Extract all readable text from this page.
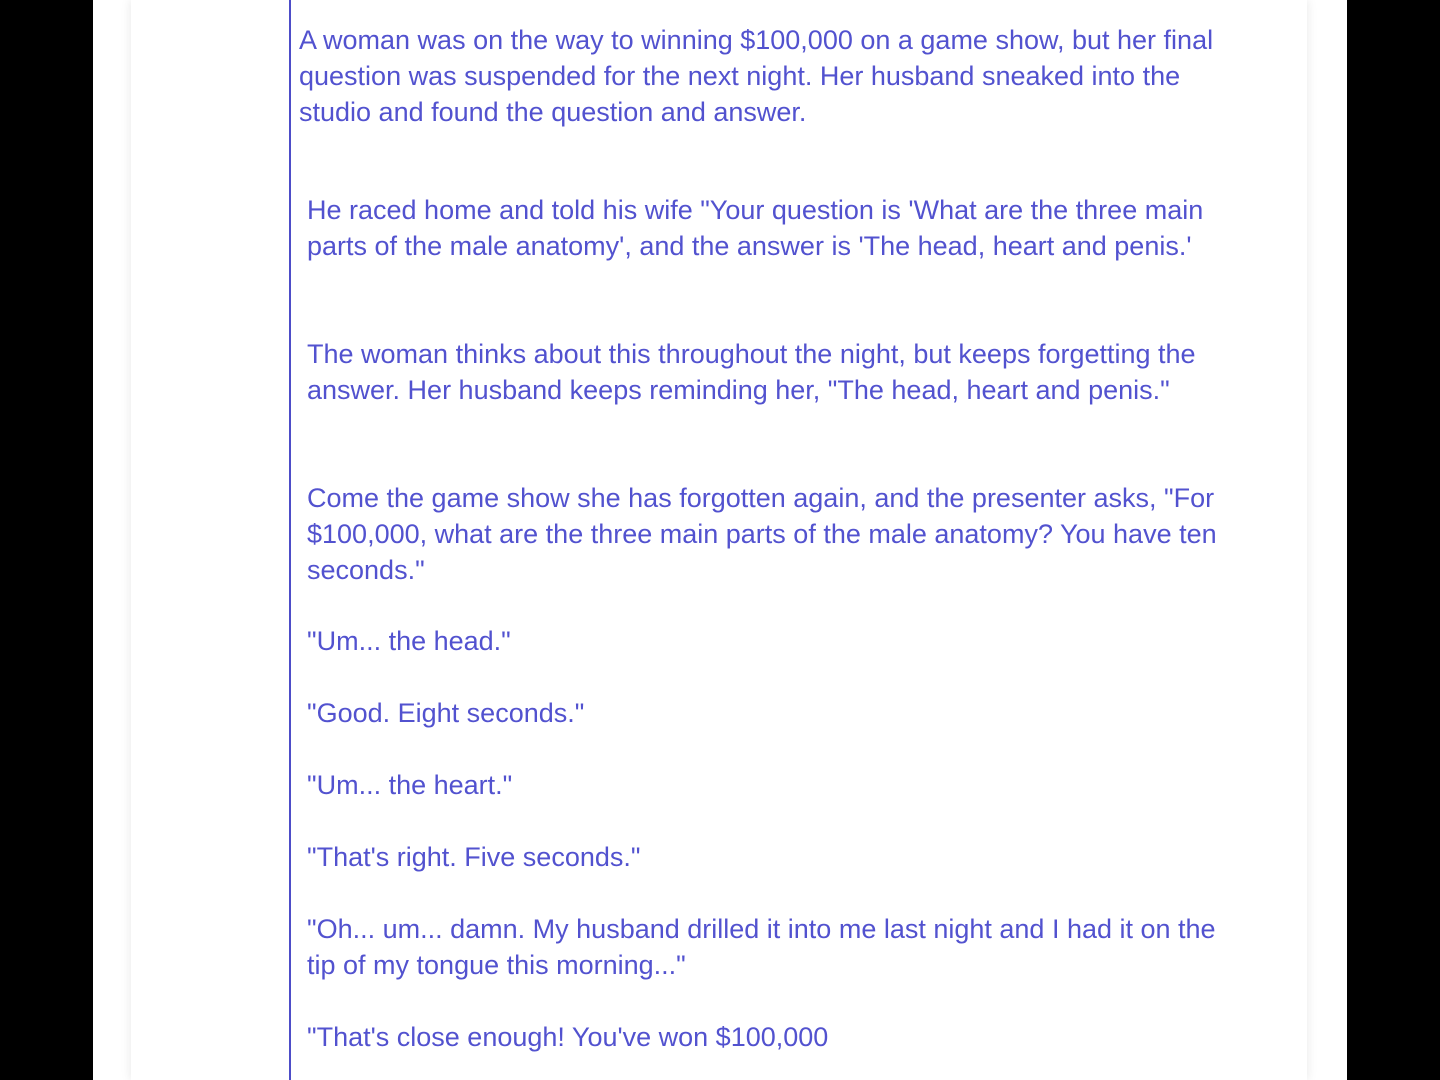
A woman was on the way to winning $100,000 on a game show, but her final question was suspended for the next night. Her husband sneaked into the studio and found the question and answer.

He raced home and told his wife "Your question is 'What are the three main parts of the male anatomy', and the answer is 'The head, heart and penis.'

The woman thinks about this throughout the night, but keeps forgetting the answer. Her husband keeps reminding her, "The head, heart and penis."

Come the game show she has forgotten again, and the presenter asks, "For $100,000, what are the three main parts of the male anatomy? You have ten seconds."

"Um... the head."

"Good. Eight seconds."

"Um... the heart."

"That's right. Five seconds."

"Oh... um... damn. My husband drilled it into me last night and I had it on the tip of my tongue this morning..."

"That's close enough! You've won $100,000
